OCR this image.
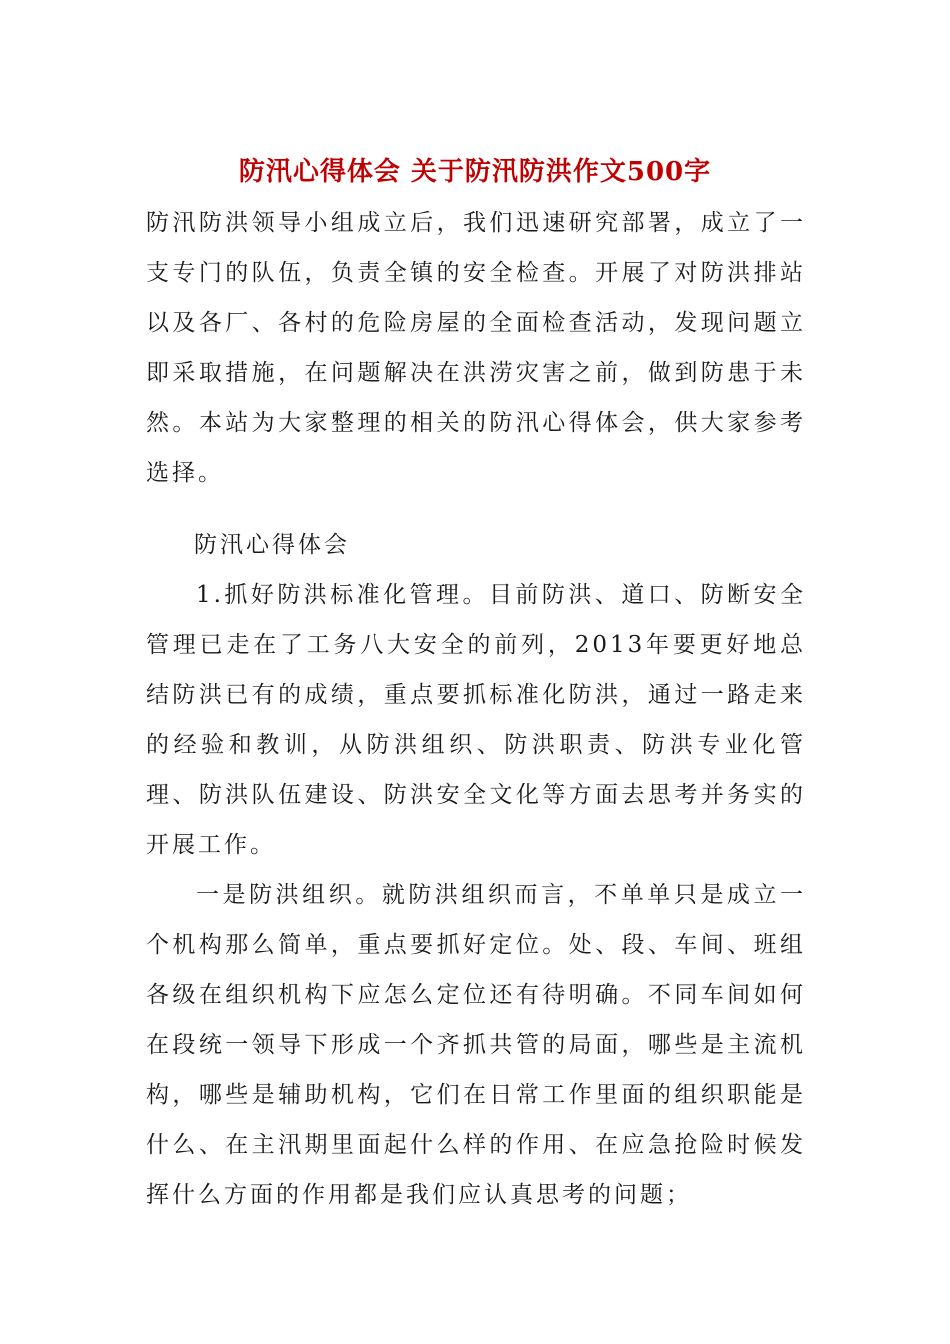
防汛心得体会 关于防汛防洪作文500字
防汛防洪领导小组成立后，我们迅速研究部署，成立了一支专门的队伍，负责全镇的安全检查。开展了对防洪排站以及各厂、各村的危险房屋的全面检查活动，发现问题立即采取措施，在问题解决在洪涝灾害之前，做到防患于未然。本站为大家整理的相关的防汛心得体会，供大家参考选择。
防汛心得体会
1.抓好防洪标准化管理。目前防洪、道口、防断安全管理已走在了工务八大安全的前列，2013年要更好地总结防洪已有的成绩，重点要抓标准化防洪，通过一路走来的经验和教训，从防洪组织、防洪职责、防洪专业化管理、防洪队伍建设、防洪安全文化等方面去思考并务实的开展工作。
一是防洪组织。就防洪组织而言，不单单只是成立一个机构那么简单，重点要抓好定位。处、段、车间、班组各级在组织机构下应怎么定位还有待明确。不同车间如何在段统一领导下形成一个齐抓共管的局面，哪些是主流机构，哪些是辅助机构，它们在日常工作里面的组织职能是什么、在主汛期里面起什么样的作用、在应急抢险时候发挥什么方面的作用都是我们应认真思考的问题；
